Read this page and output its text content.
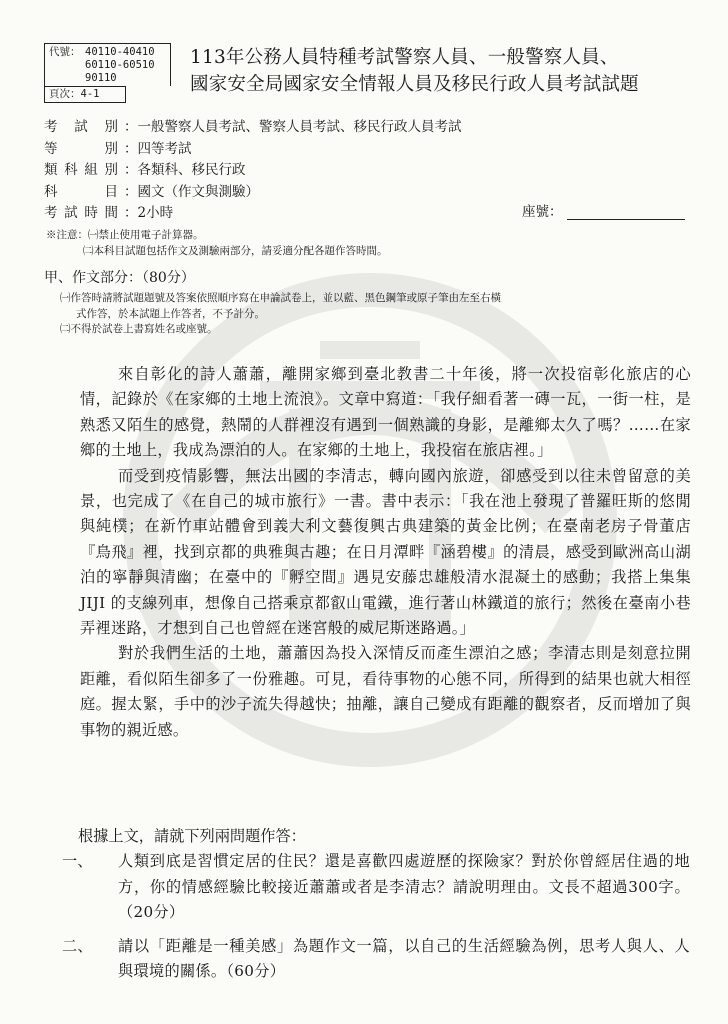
代號： 40110-40410
60110-60510
90110
頁次：4-1
113年公務人員特種考試警察人員、一般警察人員、
國家安全局國家安全情報人員及移民行政人員考試試題
考試別 ： 一般警察人員考試、警察人員考試、移民行政人員考試
等別 ： 四等考試
類科組別 ： 各類科、移民行政
科目 ： 國文（作文與測驗）
考試時間 ： 2小時	座號：
※注意：㈠禁止使用電子計算器。
㈡本科目試題包括作文及測驗兩部分，請妥適分配各題作答時間。
甲、作文部分：（80分）
㈠作答時請將試題題號及答案依照順序寫在申論試卷上，並以藍、黑色鋼筆或原子筆由左至右橫
式作答，於本試題上作答者，不予計分。
㈡不得於試卷上書寫姓名或座號。

來自彰化的詩人蕭蕭，離開家鄉到臺北教書二十年後，將一次投宿彰化旅店的心情，記錄於《在家鄉的土地上流浪》。文章中寫道：「我仔細看著一磚一瓦，一街一柱，是熟悉又陌生的感覺，熱鬧的人群裡沒有遇到一個熟識的身影，是離鄉太久了嗎？……在家鄉的土地上，我成為漂泊的人。在家鄉的土地上，我投宿在旅店裡。」

而受到疫情影響，無法出國的李清志，轉向國內旅遊，卻感受到以往未曾留意的美景，也完成了《在自己的城市旅行》一書。書中表示：「我在池上發現了普羅旺斯的悠閒與純樸；在新竹車站體會到義大利文藝復興古典建築的黃金比例；在臺南老房子骨董店『鳥飛』裡，找到京都的典雅與古趣；在日月潭畔『涵碧樓』的清晨，感受到歐洲高山湖泊的寧靜與清幽；在臺中的『孵空間』遇見安藤忠雄般清水混凝土的感動；我搭上集集 JIJI 的支線列車，想像自己搭乘京都叡山電鐵，進行著山林鐵道的旅行；然後在臺南小巷弄裡迷路，才想到自己也曾經在迷宮般的威尼斯迷路過。」

對於我們生活的土地，蕭蕭因為投入深情反而產生漂泊之感；李清志則是刻意拉開距離，看似陌生卻多了一份雅趣。可見，看待事物的心態不同，所得到的結果也就大相徑庭。握太緊，手中的沙子流失得越快；抽離，讓自己變成有距離的觀察者，反而增加了與事物的親近感。

根據上文，請就下列兩問題作答：
一、	人類到底是習慣定居的住民？還是喜歡四處遊歷的探險家？對於你曾經居住過的地方，你的情感經驗比較接近蕭蕭或者是李清志？請說明理由。文長不超過300字。（20分）
二、	請以「距離是一種美感」為題作文一篇，以自己的生活經驗為例，思考人與人、人與環境的關係。（60分）
